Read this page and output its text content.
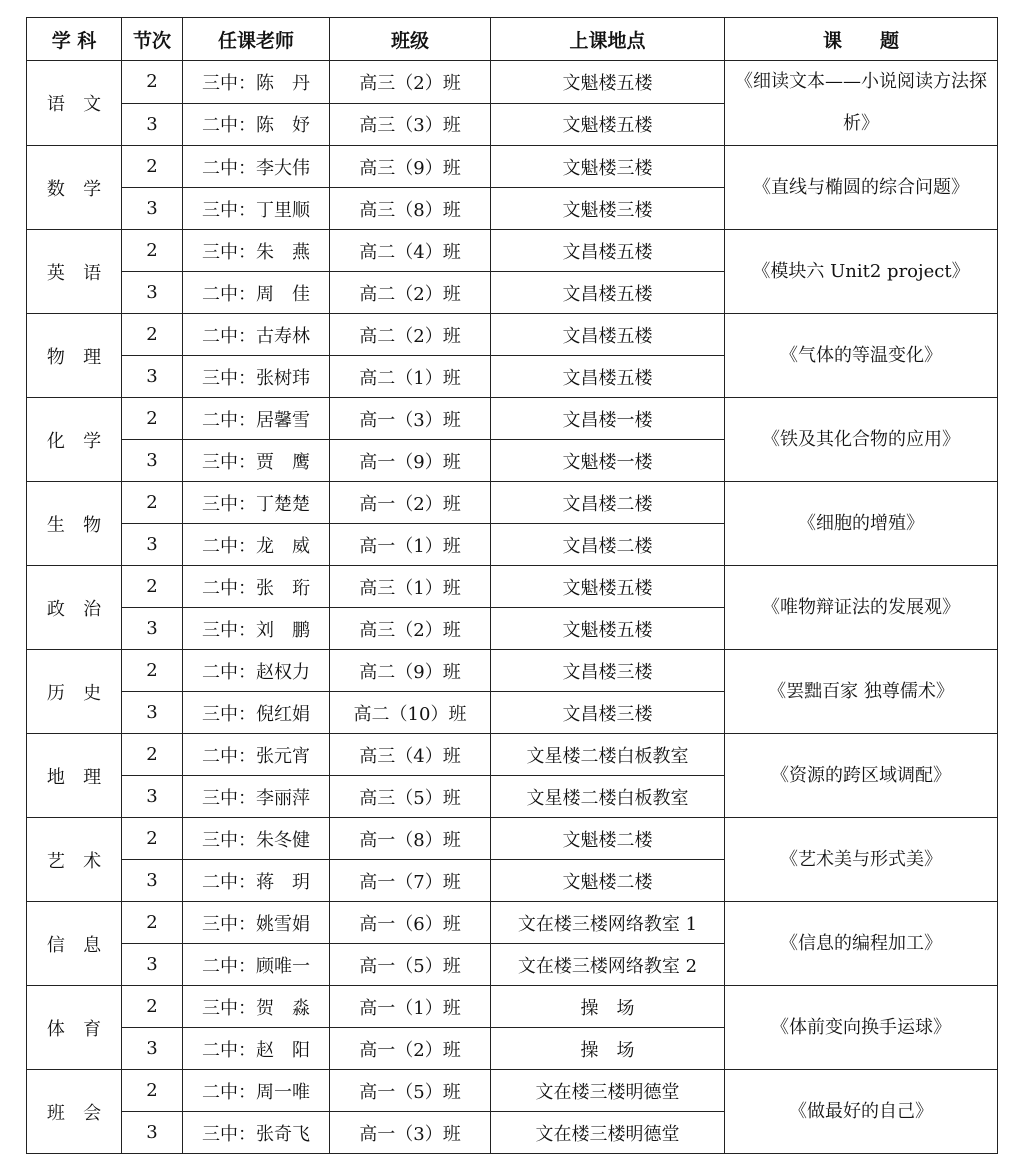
学 科	节次	任课老师	班级	上课地点	课　　题
语 文	2	三中：陈　丹	高三（2）班	文魁楼五楼	《细读文本——小说阅读方法探析》
	3	二中：陈　妤	高三（3）班	文魁楼五楼	
数 学	2	二中：李大伟	高三（9）班	文魁楼三楼	《直线与椭圆的综合问题》
	3	三中：丁里顺	高三（8）班	文魁楼三楼	
英 语	2	三中：朱　燕	高二（4）班	文昌楼五楼	《模块六 Unit2 project》
	3	二中：周　佳	高二（2）班	文昌楼五楼	
物 理	2	二中：古寿林	高二（2）班	文昌楼五楼	《气体的等温变化》
	3	三中：张树玮	高二（1）班	文昌楼五楼	
化 学	2	二中：居馨雪	高一（3）班	文昌楼一楼	《铁及其化合物的应用》
	3	三中：贾　鹰	高一（9）班	文魁楼一楼	
生 物	2	三中：丁楚楚	高一（2）班	文昌楼二楼	《细胞的增殖》
	3	二中：龙　威	高一（1）班	文昌楼二楼	
政 治	2	二中：张　珩	高三（1）班	文魁楼五楼	《唯物辩证法的发展观》
	3	三中：刘　鹏	高三（2）班	文魁楼五楼	
历 史	2	二中：赵权力	高二（9）班	文昌楼三楼	《罢黜百家 独尊儒术》
	3	三中：倪红娟	高二（10）班	文昌楼三楼	
地 理	2	二中：张元宵	高三（4）班	文星楼二楼白板教室	《资源的跨区域调配》
	3	三中：李丽萍	高三（5）班	文星楼二楼白板教室	
艺 术	2	三中：朱冬健	高一（8）班	文魁楼二楼	《艺术美与形式美》
	3	二中：蒋　玥	高一（7）班	文魁楼二楼	
信 息	2	三中：姚雪娟	高一（6）班	文在楼三楼网络教室 1	《信息的编程加工》
	3	二中：顾唯一	高一（5）班	文在楼三楼网络教室 2	
体 育	2	三中：贺　淼	高一（1）班	操　场	《体前变向换手运球》
	3	二中：赵　阳	高一（2）班	操　场	
班 会	2	二中：周一唯	高一（5）班	文在楼三楼明德堂	《做最好的自己》
	3	三中：张奇飞	高一（3）班	文在楼三楼明德堂	
